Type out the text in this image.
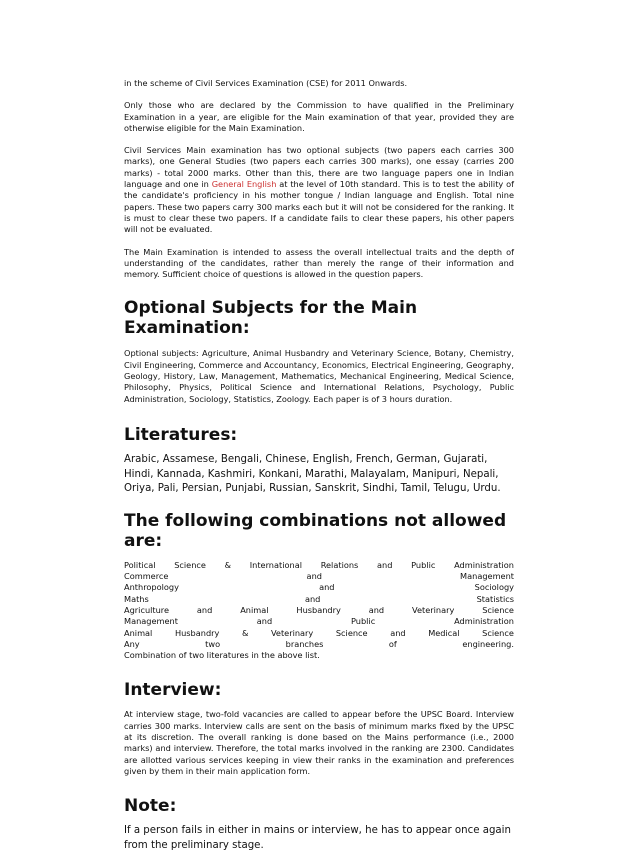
in the scheme of Civil Services Examination (CSE) for 2011 Onwards.

Only those who are declared by the Commission to have qualified in the Preliminary Examination in a year, are eligible for the Main examination of that year, provided they are otherwise eligible for the Main Examination.

Civil Services Main examination has two optional subjects (two papers each carries 300 marks), one General Studies (two papers each carries 300 marks), one essay (carries 200 marks) - total 2000 marks. Other than this, there are two language papers one in Indian language and one in General English at the level of 10th standard. This is to test the ability of the candidate's proficiency in his mother tongue / Indian language and English. Total nine papers. These two papers carry 300 marks each but it will not be considered for the ranking. It is must to clear these two papers. If a candidate fails to clear these papers, his other papers will not be evaluated.

The Main Examination is intended to assess the overall intellectual traits and the depth of understanding of the candidates, rather than merely the range of their information and memory. Sufficient choice of questions is allowed in the question papers.

Optional Subjects for the Main Examination:

Optional subjects: Agriculture, Animal Husbandry and Veterinary Science, Botany, Chemistry, Civil Engineering, Commerce and Accountancy, Economics, Electrical Engineering, Geography, Geology, History, Law, Management, Mathematics, Mechanical Engineering, Medical Science, Philosophy, Physics, Political Science and International Relations, Psychology, Public Administration, Sociology, Statistics, Zoology. Each paper is of 3 hours duration.

Literatures:

Arabic, Assamese, Bengali, Chinese, English, French, German, Gujarati, Hindi, Kannada, Kashmiri, Konkani, Marathi, Malayalam, Manipuri, Nepali, Oriya, Pali, Persian, Punjabi, Russian, Sanskrit, Sindhi, Tamil, Telugu, Urdu.

The following combinations not allowed are:
Political Science & International Relations and Public Administration
Commerce	and	Management
Anthropology	and	Sociology
Maths	and	Statistics
Agriculture	and	Animal	Husbandry	and	Veterinary	Science
Management	and	Public	Administration
Animal	Husbandry	&	Veterinary	Science	and	Medical	Science
Any	two	branches	of	engineering.
Combination of two literatures in the above list.
Interview:

At interview stage, two-fold vacancies are called to appear before the UPSC Board. Interview carries 300 marks. Interview calls are sent on the basis of minimum marks fixed by the UPSC at its discretion. The overall ranking is done based on the Mains performance (i.e., 2000 marks) and interview. Therefore, the total marks involved in the ranking are 2300. Candidates are allotted various services keeping in view their ranks in the examination and preferences given by them in their main application form.

Note:

If a person fails in either in mains or interview, he has to appear once again from the preliminary stage.
